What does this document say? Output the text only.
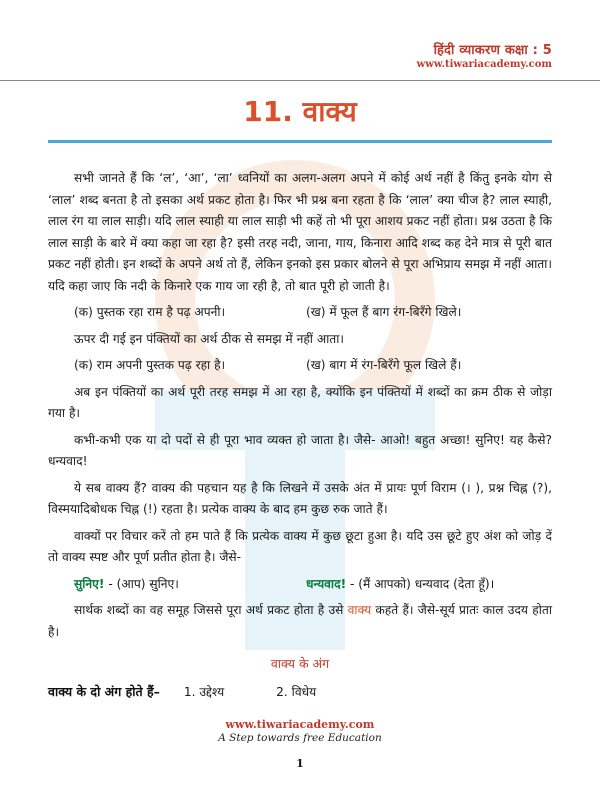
हिंदी व्याकरण कक्षा : 5
www.tiwariacademy.com
11. वाक्य

सभी जानते हैं कि ‘ल’, ‘आ’, ‘ला’ ध्वनियों का अलग-अलग अपने में कोई अर्थ नहीं है किंतु इनके योग से ‘लाल’ शब्द बनता है तो इसका अर्थ प्रकट होता है। फिर भी प्रश्न बना रहता है कि ‘लाल’ क्या चीज है? लाल स्याही, लाल रंग या लाल साड़ी। यदि लाल स्याही या लाल साड़ी भी कहें तो भी पूरा आशय प्रकट नहीं होता। प्रश्न उठता है कि लाल साड़ी के बारे में क्या कहा जा रहा है? इसी तरह नदी, जाना, गाय, किनारा आदि शब्द कह देने मात्र से पूरी बात प्रकट नहीं होती। इन शब्दों के अपने अर्थ तो हैं, लेकिन इनको इस प्रकार बोलने से पूरा अभिप्राय समझ में नहीं आता। यदि कहा जाए कि नदी के किनारे एक गाय जा रही है, तो बात पूरी हो जाती है।

(क) पुस्तक रहा राम है पढ़ अपनी।	(ख) में फूल हैं बाग रंग-बिरँगे खिले।

ऊपर दी गई इन पंक्तियों का अर्थ ठीक से समझ में नहीं आता।

(क) राम अपनी पुस्तक पढ़ रहा है।	(ख) बाग में रंग-बिरँगे फूल खिले हैं।

अब इन पंक्तियों का अर्थ पूरी तरह समझ में आ रहा है, क्योंकि इन पंक्तियों में शब्दों का क्रम ठीक से जोड़ा गया है।

कभी-कभी एक या दो पदों से ही पूरा भाव व्यक्त हो जाता है। जैसे- आओ! बहुत अच्छा! सुनिए! यह कैसे? धन्यवाद!

ये सब वाक्य हैं? वाक्य की पहचान यह है कि लिखने में उसके अंत में प्रायः पूर्ण विराम (। ), प्रश्न चिह्न (?), विस्मयादिबोधक चिह्न (!) रहता है। प्रत्येक वाक्य के बाद हम कुछ रुक जाते हैं।

वाक्यों पर विचार करें तो हम पाते हैं कि प्रत्येक वाक्य में कुछ छूटा हुआ है। यदि उस छूटे हुए अंश को जोड़ दें तो वाक्य स्पष्ट और पूर्ण प्रतीत होता है। जैसे-

सुनिए! - (आप) सुनिए।	धन्यवाद! - (मैं आपको) धन्यवाद (देता हूँ)।

सार्थक शब्दों का वह समूह जिससे पूरा अर्थ प्रकट होता है उसे वाक्य कहते हैं। जैसे-सूर्य प्रातः काल उदय होता है।

वाक्य के अंग
वाक्य के दो अंग होते हैं– 1. उद्देश्य	2. विधेय
www.tiwariacademy.com
A Step towards free Education
1
